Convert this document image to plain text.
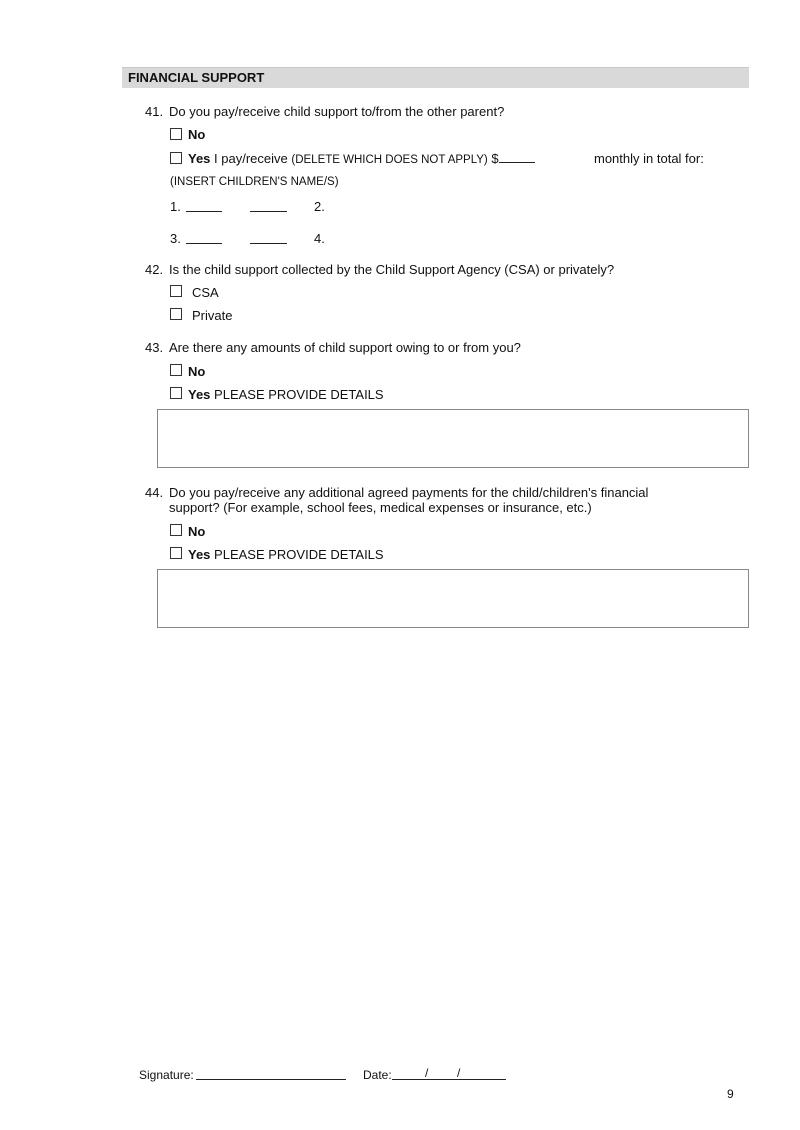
FINANCIAL SUPPORT
41. Do you pay/receive child support to/from the other parent?
No
Yes I pay/receive (DELETE WHICH DOES NOT APPLY) $	monthly in total for:
(INSERT CHILDREN'S NAME/S)
1.	2.
3.	4.
42. Is the child support collected by the Child Support Agency (CSA) or privately?
CSA
Private
43. Are there any amounts of child support owing to or from you?
No
Yes PLEASE PROVIDE DETAILS
44. Do you pay/receive any additional agreed payments for the child/children's financial
support? (For example, school fees, medical expenses or insurance, etc.)
No
Yes PLEASE PROVIDE DETAILS
Signature:	Date:	/ /
9
